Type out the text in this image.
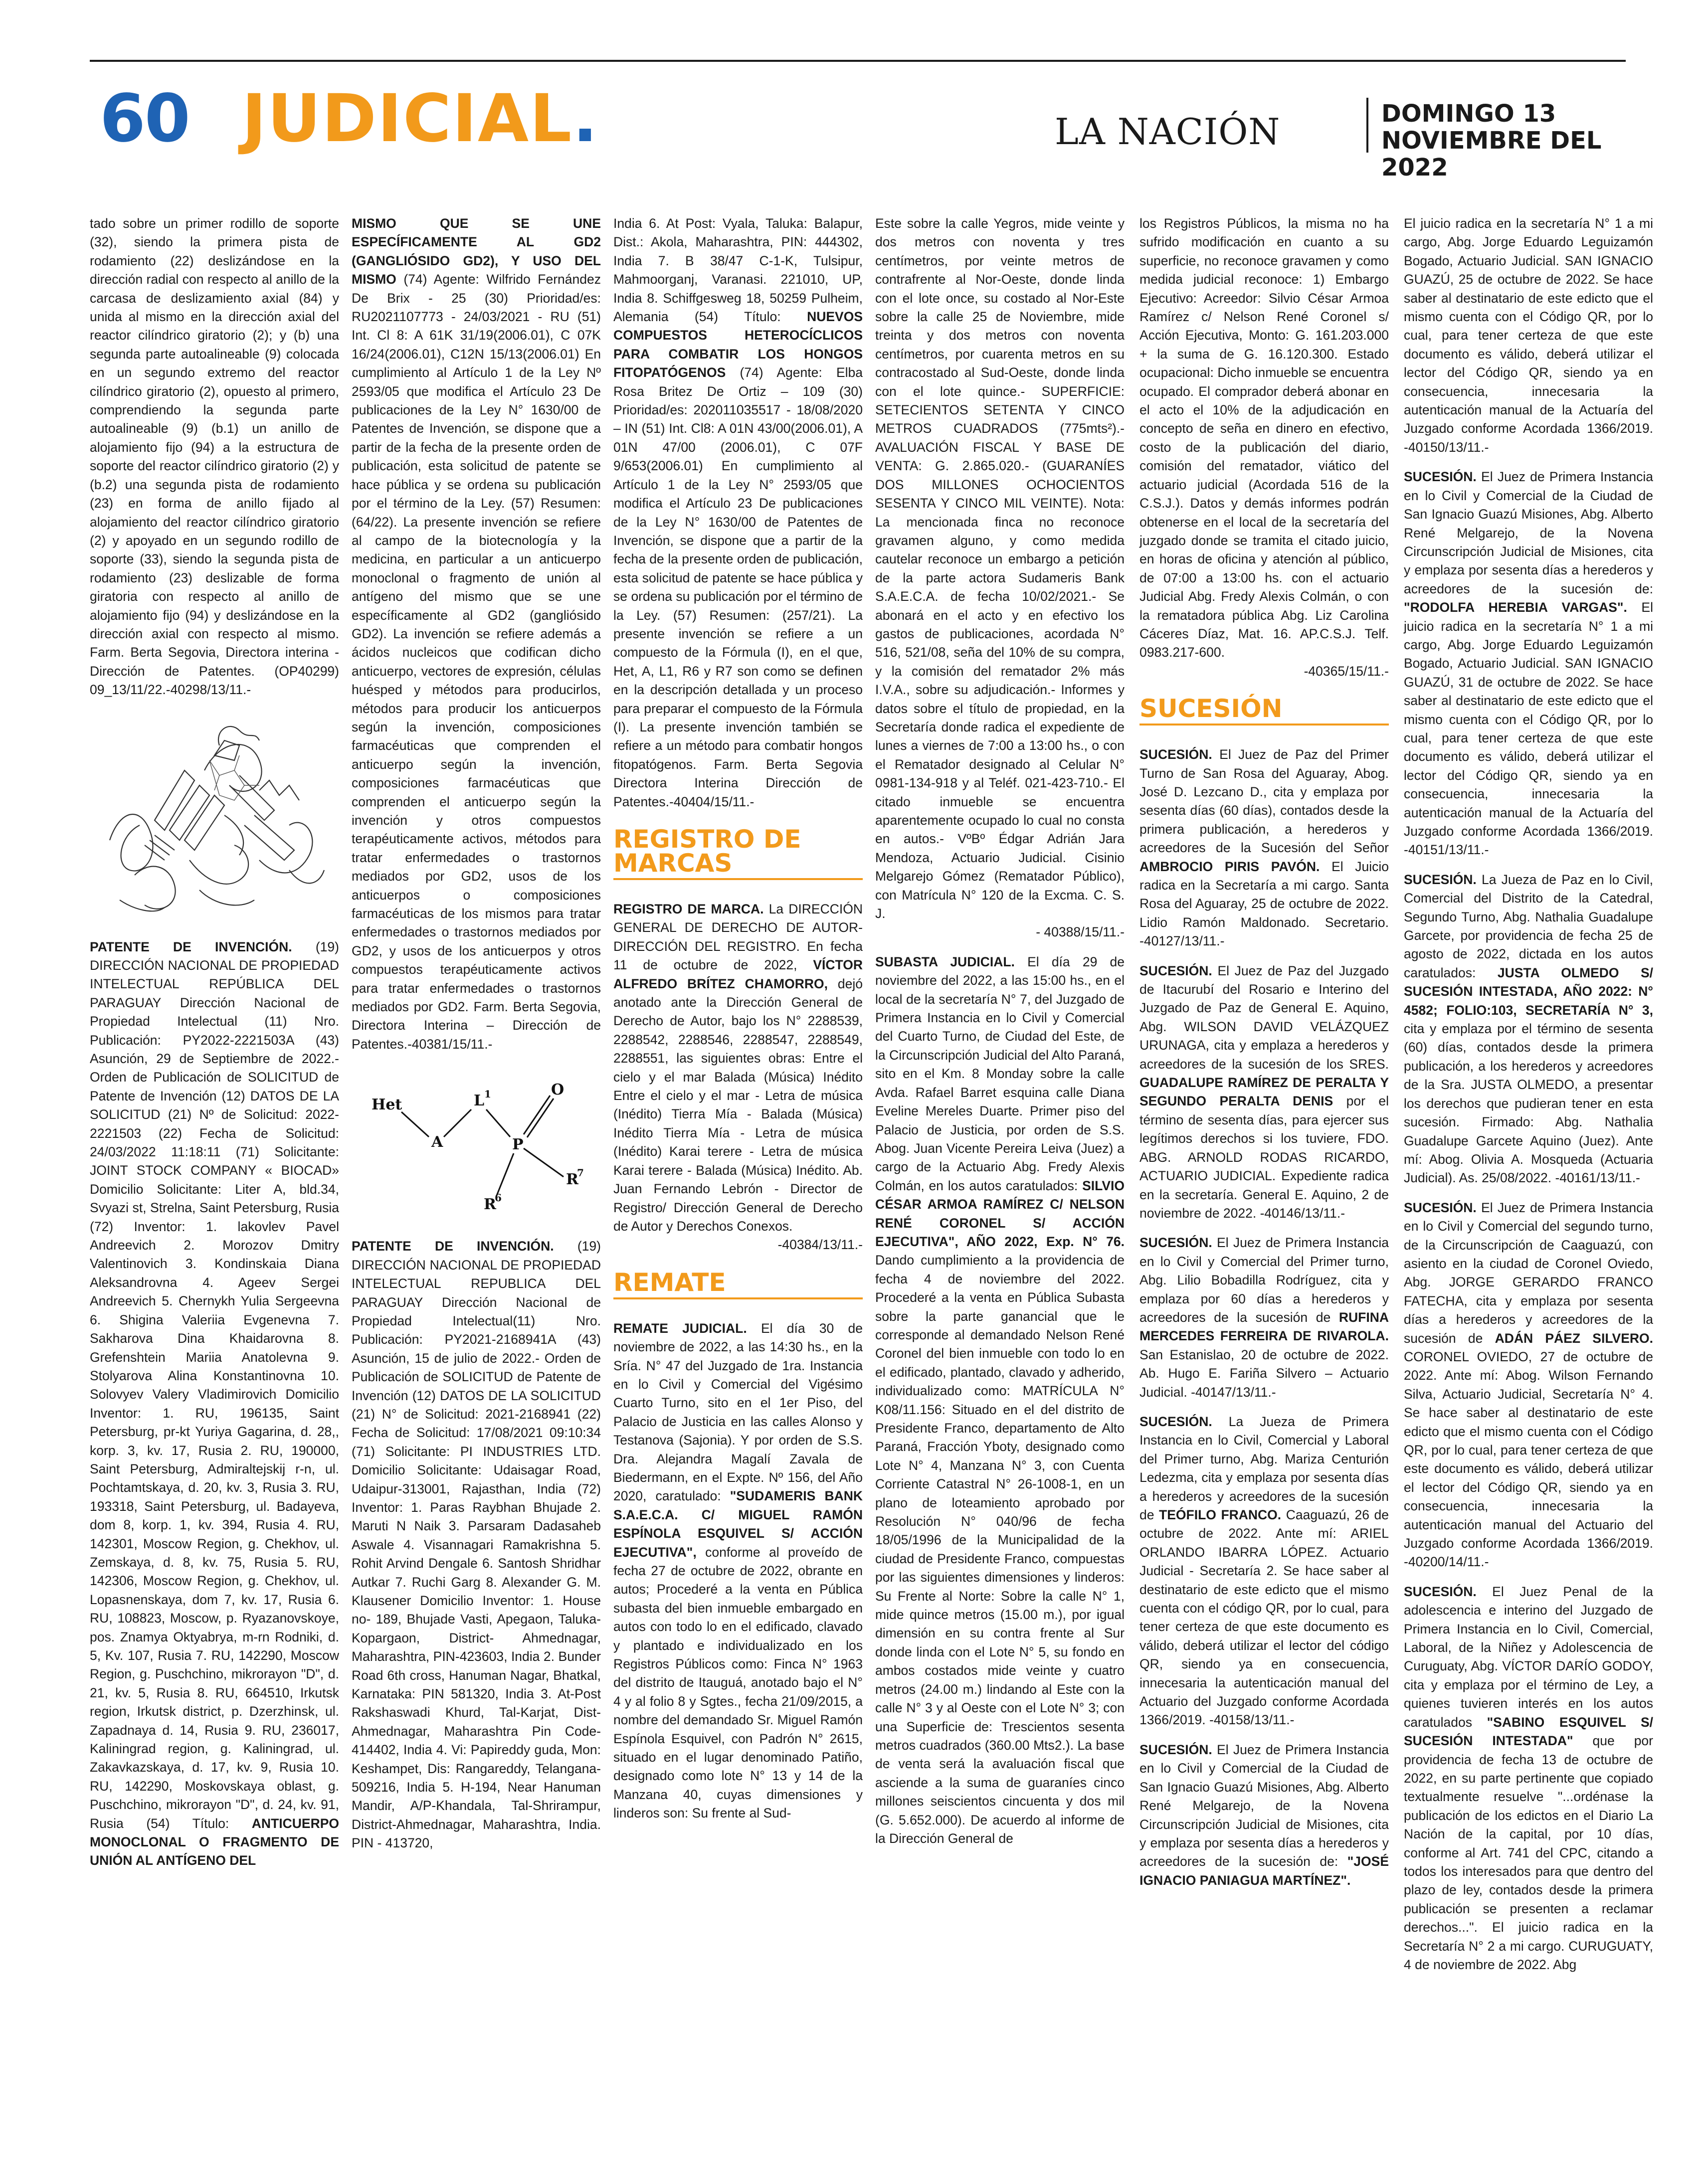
60 JUDICIAL.	LA NACIÓN	DOMINGO 13
NOVIEMBRE DEL 2022

tado sobre un primer rodillo de soporte (32), siendo la primera pista de rodamiento (22) deslizándose en la dirección radial con respecto al anillo de la carcasa de deslizamiento axial (84) y unida al mismo en la dirección axial del reactor cilíndrico giratorio (2); y (b) una segunda parte autoalineable (9) colocada en un segundo extremo del reactor cilíndrico giratorio (2), opuesto al primero, comprendiendo la segunda parte autoalineable (9) (b.1) un anillo de alojamiento fijo (94) a la estructura de soporte del reactor cilíndrico giratorio (2) y (b.2) una segunda pista de rodamiento (23) en forma de anillo fijado al alojamiento del reactor cilíndrico giratorio (2) y apoyado en un segundo rodillo de soporte (33), siendo la segunda pista de rodamiento (23) deslizable de forma giratoria con respecto al anillo de alojamiento fijo (94) y deslizándose en la dirección axial con respecto al mismo. Farm. Berta Segovia, Directora interina - Dirección de Patentes. (OP40299) 09_13/11/22.-40298/13/11.-

PATENTE DE INVENCIÓN. (19) DIRECCIÓN NACIONAL DE PROPIEDAD INTELECTUAL REPÚBLICA DEL PARAGUAY Dirección Nacional de Propiedad Intelectual (11) Nro. Publicación: PY2022-2221503A (43) Asunción, 29 de Septiembre de 2022.- Orden de Publicación de SOLICITUD de Patente de Invención (12) DATOS DE LA SOLICITUD (21) Nº de Solicitud: 2022-2221503 (22) Fecha de Solicitud: 24/03/2022 11:18:11 (71) Solicitante: JOINT STOCK COMPANY « BIOCAD» Domicilio Solicitante: Liter A, bld.34, Svyazi st, Strelna, Saint Petersburg, Rusia (72) Inventor: 1. lakovlev Pavel Andreevich 2. Morozov Dmitry Valentinovich 3. Kondinskaia Diana Aleksandrovna 4. Ageev Sergei Andreevich 5. Chernykh Yulia Sergeevna 6. Shigina Valeriia Evgenevna 7. Sakharova Dina Khaidarovna 8. Grefenshtein Mariia Anatolevna 9. Stolyarova Alina Konstantinovna 10. Solovyev Valery Vladimirovich Domicilio Inventor: 1. RU, 196135, Saint Petersburg, pr-kt Yuriya Gagarina, d. 28,, korp. 3, kv. 17, Rusia 2. RU, 190000, Saint Petersburg, Admiraltejskij r-n, ul. Pochtamtskaya, d. 20, kv. 3, Rusia 3. RU, 193318, Saint Petersburg, ul. Badayeva, dom 8, korp. 1, kv. 394, Rusia 4. RU, 142301, Moscow Region, g. Chekhov, ul. Zemskaya, d. 8, kv. 75, Rusia 5. RU, 142306, Moscow Region, g. Chekhov, ul. Lopasnenskaya, dom 7, kv. 17, Rusia 6. RU, 108823, Moscow, p. Ryazanovskoye, pos. Znamya Oktyabrya, m-rn Rodniki, d. 5, Kv. 107, Rusia 7. RU, 142290, Moscow Region, g. Puschchino, mikrorayon "D", d. 21, kv. 5, Rusia 8. RU, 664510, Irkutsk region, Irkutsk district, p. Dzerzhinsk, ul. Zapadnaya d. 14, Rusia 9. RU, 236017, Kaliningrad region, g. Kaliningrad, ul. Zakavkazskaya, d. 17, kv. 9, Rusia 10. RU, 142290, Moskovskaya oblast, g. Puschchino, mikrorayon "D", d. 24, kv. 91, Rusia (54) Título: ANTICUERPO MONOCLONAL O FRAGMENTO DE UNIÓN AL ANTÍGENO DEL

MISMO QUE SE UNE ESPECÍFICAMENTE AL GD2 (GANGLIÓSIDO GD2), Y USO DEL MISMO (74) Agente: Wilfrido Fernández De Brix - 25 (30) Prioridad/es: RU2021107773 - 24/03/2021 - RU (51) Int. Cl 8: A 61K 31/19(2006.01), C 07K 16/24(2006.01), C12N 15/13(2006.01) En cumplimiento al Artículo 1 de la Ley Nº 2593/05 que modifica el Artículo 23 De publicaciones de la Ley N° 1630/00 de Patentes de Invención, se dispone que a partir de la fecha de la presente orden de publicación, esta solicitud de patente se hace pública y se ordena su publicación por el término de la Ley. (57) Resumen: (64/22). La presente invención se refiere al campo de la biotecnología y la medicina, en particular a un anticuerpo monoclonal o fragmento de unión al antígeno del mismo que se une específicamente al GD2 (gangliósido GD2). La invención se refiere además a ácidos nucleicos que codifican dicho anticuerpo, vectores de expresión, células huésped y métodos para producirlos, métodos para producir los anticuerpos según la invención, composiciones farmacéuticas que comprenden el anticuerpo según la invención, composiciones farmacéuticas que comprenden el anticuerpo según la invención y otros compuestos terapéuticamente activos, métodos para tratar enfermedades o trastornos mediados por GD2, usos de los anticuerpos o composiciones farmacéuticas de los mismos para tratar enfermedades o trastornos mediados por GD2, y usos de los anticuerpos y otros compuestos terapéuticamente activos para tratar enfermedades o trastornos mediados por GD2. Farm. Berta Segovia, Directora Interina – Dirección de Patentes.-40381/15/11.-

Het
A
L 1
P
O
R
7
R
6

PATENTE DE INVENCIÓN. (19) DIRECCIÓN NACIONAL DE PROPIEDAD INTELECTUAL REPUBLICA DEL PARAGUAY Dirección Nacional de Propiedad Intelectual(11) Nro. Publicación: PY2021-2168941A (43) Asunción, 15 de julio de 2022.- Orden de Publicación de SOLICITUD de Patente de Invención (12) DATOS DE LA SOLICITUD (21) N° de Solicitud: 2021-2168941 (22) Fecha de Solicitud: 17/08/2021 09:10:34 (71) Solicitante: PI INDUSTRIES LTD. Domicilio Solicitante: Udaisagar Road, Udaipur-313001, Rajasthan, India (72) Inventor: 1. Paras Raybhan Bhujade 2. Maruti N Naik 3. Parsaram Dadasaheb Aswale 4. Visannagari Ramakrishna 5. Rohit Arvind Dengale 6. Santosh Shridhar Autkar 7. Ruchi Garg 8. Alexander G. M. Klausener Domicilio Inventor: 1. House no- 189, Bhujade Vasti, Apegaon, Taluka-Kopargaon, District- Ahmednagar, Maharashtra, PIN-423603, India 2. Bunder Road 6th cross, Hanuman Nagar, Bhatkal, Karnataka: PIN 581320, India 3. At-Post Rakshaswadi Khurd, Tal-Karjat, Dist-Ahmednagar, Maharashtra Pin Code-414402, India 4. Vi: Papireddy guda, Mon: Keshampet, Dis: Rangareddy, Telangana-509216, India 5. H-194, Near Hanuman Mandir, A/P-Khandala, Tal-Shrirampur, District-Ahmednagar, Maharashtra, India. PIN - 413720,

India 6. At Post: Vyala, Taluka: Balapur, Dist.: Akola, Maharashtra, PIN: 444302, India 7. B 38/47 C-1-K, Tulsipur, Mahmoorganj, Varanasi. 221010, UP, India 8. Schiffgesweg 18, 50259 Pulheim, Alemania (54) Título: NUEVOS COMPUESTOS HETEROCÍCLICOS PARA COMBATIR LOS HONGOS FITOPATÓGENOS (74) Agente: Elba Rosa Britez De Ortiz – 109 (30) Prioridad/es: 202011035517 - 18/08/2020 – IN (51) Int. Cl8: A 01N 43/00(2006.01), A 01N 47/00 (2006.01), C 07F 9/653(2006.01) En cumplimiento al Artículo 1 de la Ley N° 2593/05 que modifica el Artículo 23 De publicaciones de la Ley N° 1630/00 de Patentes de Invención, se dispone que a partir de la fecha de la presente orden de publicación, esta solicitud de patente se hace pública y se ordena su publicación por el término de la Ley. (57) Resumen: (257/21). La presente invención se refiere a un compuesto de la Fórmula (I), en el que, Het, A, L1, R6 y R7 son como se definen en la descripción detallada y un proceso para preparar el compuesto de la Fórmula (I). La presente invención también se refiere a un método para combatir hongos fitopatógenos. Farm. Berta Segovia Directora Interina Dirección de Patentes.-40404/15/11.-

REGISTRO DE MARCAS

REGISTRO DE MARCA. La DIRECCIÓN GENERAL DE DERECHO DE AUTOR- DIRECCIÓN DEL REGISTRO. En fecha 11 de octubre de 2022, VÍCTOR ALFREDO BRÍTEZ CHAMORRO, dejó anotado ante la Dirección General de Derecho de Autor, bajo los N° 2288539, 2288542, 2288546, 2288547, 2288549, 2288551, las siguientes obras: Entre el cielo y el mar Balada (Música) Inédito Entre el cielo y el mar - Letra de música (Inédito) Tierra Mía - Balada (Música) Inédito Tierra Mía - Letra de música (Inédito) Karai terere - Letra de música Karai terere - Balada (Música) Inédito. Ab. Juan Fernando Lebrón - Director de Registro/ Dirección General de Derecho de Autor y Derechos Conexos.
-40384/13/11.-

REMATE

REMATE JUDICIAL. El día 30 de noviembre de 2022, a las 14:30 hs., en la Sría. N° 47 del Juzgado de 1ra. Instancia en lo Civil y Comercial del Vigésimo Cuarto Turno, sito en el 1er Piso, del Palacio de Justicia en las calles Alonso y Testanova (Sajonia). Y por orden de S.S. Dra. Alejandra Magalí Zavala de Biedermann, en el Expte. Nº 156, del Año 2020, caratulado: "SUDAMERIS BANK S.A.E.C.A. C/ MIGUEL RAMÓN ESPÍNOLA ESQUIVEL S/ ACCIÓN EJECUTIVA", conforme al proveído de fecha 27 de octubre de 2022, obrante en autos; Procederé a la venta en Pública subasta del bien inmueble embargado en autos con todo lo en el edificado, clavado y plantado e individualizado en los Registros Públicos como: Finca N° 1963 del distrito de Itauguá, anotado bajo el N° 4 y al folio 8 y Sgtes., fecha 21/09/2015, a nombre del demandado Sr. Miguel Ramón Espínola Esquivel, con Padrón N° 2615, situado en el lugar denominado Patiño, designado como lote N° 13 y 14 de la Manzana 40, cuyas dimensiones y linderos son: Su frente al Sud-

Este sobre la calle Yegros, mide veinte y dos metros con noventa y tres centímetros, por veinte metros de contrafrente al Nor-Oeste, donde linda con el lote once, su costado al Nor-Este sobre la calle 25 de Noviembre, mide treinta y dos metros con noventa centímetros, por cuarenta metros en su contracostado al Sud-Oeste, donde linda con el lote quince.- SUPERFICIE: SETECIENTOS SETENTA Y CINCO METROS CUADRADOS (775mts²).- AVALUACIÓN FISCAL Y BASE DE VENTA: G. 2.865.020.- (GUARANÍES DOS MILLONES OCHOCIENTOS SESENTA Y CINCO MIL VEINTE). Nota: La mencionada finca no reconoce gravamen alguno, y como medida cautelar reconoce un embargo a petición de la parte actora Sudameris Bank S.A.E.C.A. de fecha 10/02/2021.- Se abonará en el acto y en efectivo los gastos de publicaciones, acordada N° 516, 521/08, seña del 10% de su compra, y la comisión del rematador 2% más I.V.A., sobre su adjudicación.- Informes y datos sobre el título de propiedad, en la Secretaría donde radica el expediente de lunes a viernes de 7:00 a 13:00 hs., o con el Rematador designado al Celular N° 0981-134-918 y al Teléf. 021-423-710.- El citado inmueble se encuentra aparentemente ocupado lo cual no consta en autos.- VºBº Édgar Adrián Jara Mendoza, Actuario Judicial. Cisinio Melgarejo Gómez (Rematador Público), con Matrícula N° 120 de la Excma. C. S. J.
- 40388/15/11.-

SUBASTA JUDICIAL. El día 29 de noviembre del 2022, a las 15:00 hs., en el local de la secretaría N° 7, del Juzgado de Primera Instancia en lo Civil y Comercial del Cuarto Turno, de Ciudad del Este, de la Circunscripción Judicial del Alto Paraná, sito en el Km. 8 Monday sobre la calle Avda. Rafael Barret esquina calle Diana Eveline Mereles Duarte. Primer piso del Palacio de Justicia, por orden de S.S. Abog. Juan Vicente Pereira Leiva (Juez) a cargo de la Actuario Abg. Fredy Alexis Colmán, en los autos caratulados: SILVIO CÉSAR ARMOA RAMÍREZ C/ NELSON RENÉ CORONEL S/ ACCIÓN EJECUTIVA", AÑO 2022, Exp. N° 76. Dando cumplimiento a la providencia de fecha 4 de noviembre del 2022. Procederé a la venta en Pública Subasta sobre la parte ganancial que le corresponde al demandado Nelson René Coronel del bien inmueble con todo lo en el edificado, plantado, clavado y adherido, individualizado como: MATRÍCULA N° K08/11.156: Situado en el del distrito de Presidente Franco, departamento de Alto Paraná, Fracción Yboty, designado como Lote N° 4, Manzana N° 3, con Cuenta Corriente Catastral N° 26-1008-1, en un plano de loteamiento aprobado por Resolución N° 040/96 de fecha 18/05/1996 de la Municipalidad de la ciudad de Presidente Franco, compuestas por las siguientes dimensiones y linderos: Su Frente al Norte: Sobre la calle N° 1, mide quince metros (15.00 m.), por igual dimensión en su contra frente al Sur donde linda con el Lote N° 5, su fondo en ambos costados mide veinte y cuatro metros (24.00 m.) lindando al Este con la calle N° 3 y al Oeste con el Lote N° 3; con una Superficie de: Trescientos sesenta metros cuadrados (360.00 Mts2.). La base de venta será la avaluación fiscal que asciende a la suma de guaraníes cinco millones seiscientos cincuenta y dos mil (G. 5.652.000). De acuerdo al informe de la Dirección General de

los Registros Públicos, la misma no ha sufrido modificación en cuanto a su superficie, no reconoce gravamen y como medida judicial reconoce: 1) Embargo Ejecutivo: Acreedor: Silvio César Armoa Ramírez c/ Nelson René Coronel s/ Acción Ejecutiva, Monto: G. 161.203.000 + la suma de G. 16.120.300. Estado ocupacional: Dicho inmueble se encuentra ocupado. El comprador deberá abonar en el acto el 10% de la adjudicación en concepto de seña en dinero en efectivo, costo de la publicación del diario, comisión del rematador, viático del actuario judicial (Acordada 516 de la C.S.J.). Datos y demás informes podrán obtenerse en el local de la secretaría del juzgado donde se tramita el citado juicio, en horas de oficina y atención al público, de 07:00 a 13:00 hs. con el actuario Judicial Abg. Fredy Alexis Colmán, o con la rematadora pública Abg. Liz Carolina Cáceres Díaz, Mat. 16. AP.C.S.J. Telf. 0983.217-600.
-40365/15/11.-

SUCESIÓN

SUCESIÓN. El Juez de Paz del Primer Turno de San Rosa del Aguaray, Abog. José D. Lezcano D., cita y emplaza por sesenta días (60 días), contados desde la primera publicación, a herederos y acreedores de la Sucesión del Señor AMBROCIO PIRIS PAVÓN. El Juicio radica en la Secretaría a mi cargo. Santa Rosa del Aguaray, 25 de octubre de 2022. Lidio Ramón Maldonado. Secretario. -40127/13/11.-

SUCESIÓN. El Juez de Paz del Juzgado de Itacurubí del Rosario e Interino del Juzgado de Paz de General E. Aquino, Abg. WILSON DAVID VELÁZQUEZ URUNAGA, cita y emplaza a herederos y acreedores de la sucesión de los SRES. GUADALUPE RAMÍREZ DE PERALTA Y SEGUNDO PERALTA DENIS por el término de sesenta días, para ejercer sus legítimos derechos si los tuviere, FDO. ABG. ARNOLD RODAS RICARDO, ACTUARIO JUDICIAL. Expediente radica en la secretaría. General E. Aquino, 2 de noviembre de 2022. -40146/13/11.-

SUCESIÓN. El Juez de Primera Instancia en lo Civil y Comercial del Primer turno, Abg. Lilio Bobadilla Rodríguez, cita y emplaza por 60 días a herederos y acreedores de la sucesión de RUFINA MERCEDES FERREIRA DE RIVAROLA. San Estanislao, 20 de octubre de 2022. Ab. Hugo E. Fariña Silvero – Actuario Judicial. -40147/13/11.-

SUCESIÓN. La Jueza de Primera Instancia en lo Civil, Comercial y Laboral del Primer turno, Abg. Mariza Centurión Ledezma, cita y emplaza por sesenta días a herederos y acreedores de la sucesión de TEÓFILO FRANCO. Caaguazú, 26 de octubre de 2022. Ante mí: ARIEL ORLANDO IBARRA LÓPEZ. Actuario Judicial - Secretaría 2. Se hace saber al destinatario de este edicto que el mismo cuenta con el código QR, por lo cual, para tener certeza de que este documento es válido, deberá utilizar el lector del código QR, siendo ya en consecuencia, innecesaria la autenticación manual del Actuario del Juzgado conforme Acordada 1366/2019. -40158/13/11.-

SUCESIÓN. El Juez de Primera Instancia en lo Civil y Comercial de la Ciudad de San Ignacio Guazú Misiones, Abg. Alberto René Melgarejo, de la Novena Circunscripción Judicial de Misiones, cita y emplaza por sesenta días a herederos y acreedores de la sucesión de: "JOSÉ IGNACIO PANIAGUA MARTÍNEZ".

El juicio radica en la secretaría N° 1 a mi cargo, Abg. Jorge Eduardo Leguizamón Bogado, Actuario Judicial. SAN IGNACIO GUAZÚ, 25 de octubre de 2022. Se hace saber al destinatario de este edicto que el mismo cuenta con el Código QR, por lo cual, para tener certeza de que este documento es válido, deberá utilizar el lector del Código QR, siendo ya en consecuencia, innecesaria la autenticación manual de la Actuaría del Juzgado conforme Acordada 1366/2019. -40150/13/11.-

SUCESIÓN. El Juez de Primera Instancia en lo Civil y Comercial de la Ciudad de San Ignacio Guazú Misiones, Abg. Alberto René Melgarejo, de la Novena Circunscripción Judicial de Misiones, cita y emplaza por sesenta días a herederos y acreedores de la sucesión de: "RODOLFA HEREBIA VARGAS". El juicio radica en la secretaría N° 1 a mi cargo, Abg. Jorge Eduardo Leguizamón Bogado, Actuario Judicial. SAN IGNACIO GUAZÚ, 31 de octubre de 2022. Se hace saber al destinatario de este edicto que el mismo cuenta con el Código QR, por lo cual, para tener certeza de que este documento es válido, deberá utilizar el lector del Código QR, siendo ya en consecuencia, innecesaria la autenticación manual de la Actuaría del Juzgado conforme Acordada 1366/2019. -40151/13/11.-

SUCESIÓN. La Jueza de Paz en lo Civil, Comercial del Distrito de la Catedral, Segundo Turno, Abg. Nathalia Guadalupe Garcete, por providencia de fecha 25 de agosto de 2022, dictada en los autos caratulados: JUSTA OLMEDO S/ SUCESIÓN INTESTADA, AÑO 2022: N° 4582; FOLIO:103, SECRETARÍA N° 3, cita y emplaza por el término de sesenta (60) días, contados desde la primera publicación, a los herederos y acreedores de la Sra. JUSTA OLMEDO, a presentar los derechos que pudieran tener en esta sucesión. Firmado: Abg. Nathalia Guadalupe Garcete Aquino (Juez). Ante mí: Abog. Olivia A. Mosqueda (Actuaria Judicial). As. 25/08/2022. -40161/13/11.-

SUCESIÓN. El Juez de Primera Instancia en lo Civil y Comercial del segundo turno, de la Circunscripción de Caaguazú, con asiento en la ciudad de Coronel Oviedo, Abg. JORGE GERARDO FRANCO FATECHA, cita y emplaza por sesenta días a herederos y acreedores de la sucesión de ADÁN PÁEZ SILVERO. CORONEL OVIEDO, 27 de octubre de 2022. Ante mí: Abog. Wilson Fernando Silva, Actuario Judicial, Secretaría N° 4. Se hace saber al destinatario de este edicto que el mismo cuenta con el Código QR, por lo cual, para tener certeza de que este documento es válido, deberá utilizar el lector del Código QR, siendo ya en consecuencia, innecesaria la autenticación manual del Actuario del Juzgado conforme Acordada 1366/2019. -40200/14/11.-

SUCESIÓN. El Juez Penal de la adolescencia e interino del Juzgado de Primera Instancia en lo Civil, Comercial, Laboral, de la Niñez y Adolescencia de Curuguaty, Abg. VÍCTOR DARÍO GODOY, cita y emplaza por el término de Ley, a quienes tuvieren interés en los autos caratulados "SABINO ESQUIVEL S/ SUCESIÓN INTESTADA" que por providencia de fecha 13 de octubre de 2022, en su parte pertinente que copiado textualmente resuelve "...ordénase la publicación de los edictos en el Diario La Nación de la capital, por 10 días, conforme al Art. 741 del CPC, citando a todos los interesados para que dentro del plazo de ley, contados desde la primera publicación se presenten a reclamar derechos...". El juicio radica en la Secretaría N° 2 a mi cargo. CURUGUATY, 4 de noviembre de 2022. Abg
